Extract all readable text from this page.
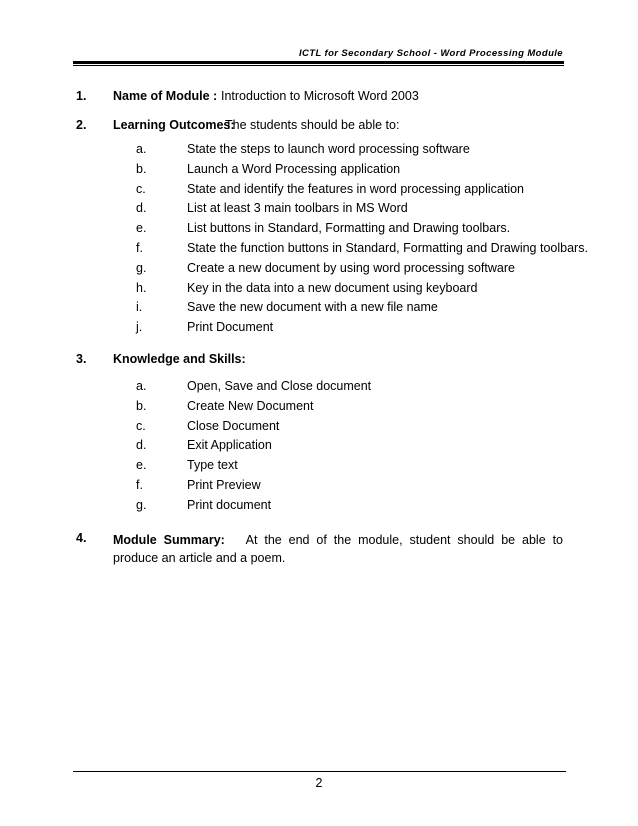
ICTL for Secondary School - Word Processing Module
1. Name of Module : Introduction to Microsoft Word 2003
2. Learning Outcomes:
The students should be able to:
a.	State the steps to launch word processing software
b.	Launch a Word Processing application
c.	State and identify the features in word processing application
d.	List at least 3 main toolbars in MS Word
e.	List buttons in Standard, Formatting and Drawing toolbars.
f.	State the function buttons in Standard, Formatting and Drawing toolbars.
g.	Create a new document by using word processing software
h.	Key in the data into a new document using keyboard
i.	Save the new document with a new file name
j.	Print Document
3. Knowledge and Skills:
a.	Open, Save and Close document
b.	Create New Document
c.	Close Document
d.	Exit Application
e.	Type text
f.	Print Preview
g.	Print document
4. Module Summary: At the end of the module, student should be able to produce an article and a poem.
2
